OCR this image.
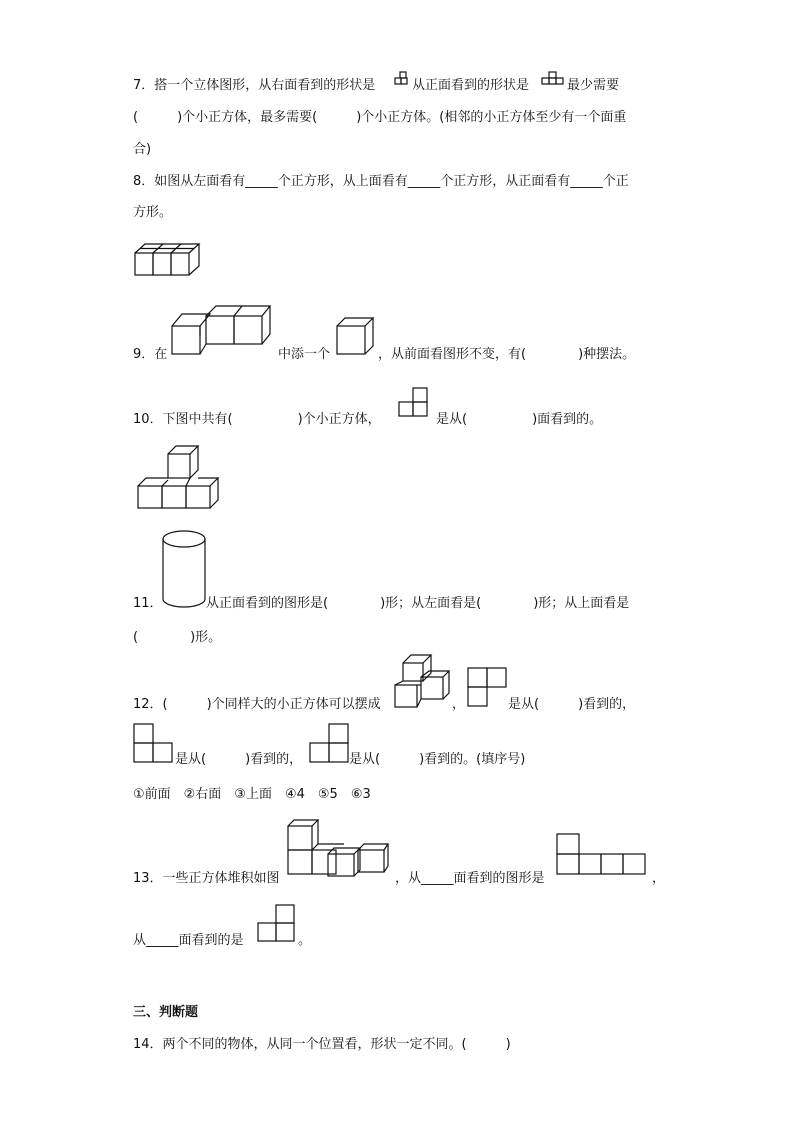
7．搭一个立体图形，从右面看到的形状是	从正面看到的形状是	最少需要
(　　　)个小正方体，最多需要(　　　)个小正方体。(相邻的小正方体至少有一个面重
合)
8．如图从左面看有_____个正方形，从上面看有_____个正方形，从正面看有_____个正
方形。
9．在	中添一个	，从前面看图形不变，有(　　　　)种摆法。
10．下图中共有(　　　　　)个小正方体，	是从(　　　　　)面看到的。
11．	从正面看到的图形是(　　　　)形；从左面看是(　　　　)形；从上面看是
(　　　　)形。
12．(　　　)个同样大的小正方体可以摆成	，	是从(　　　)看到的，
是从(　　　)看到的，	是从(　　　)看到的。(填序号)
①前面　②右面　③上面　④4　⑤5　⑥3
13．一些正方体堆积如图	，从_____面看到的图形是	，
从_____面看到的是	。
三、判断题
14．两个不同的物体，从同一个位置看，形状一定不同。(　　　)
